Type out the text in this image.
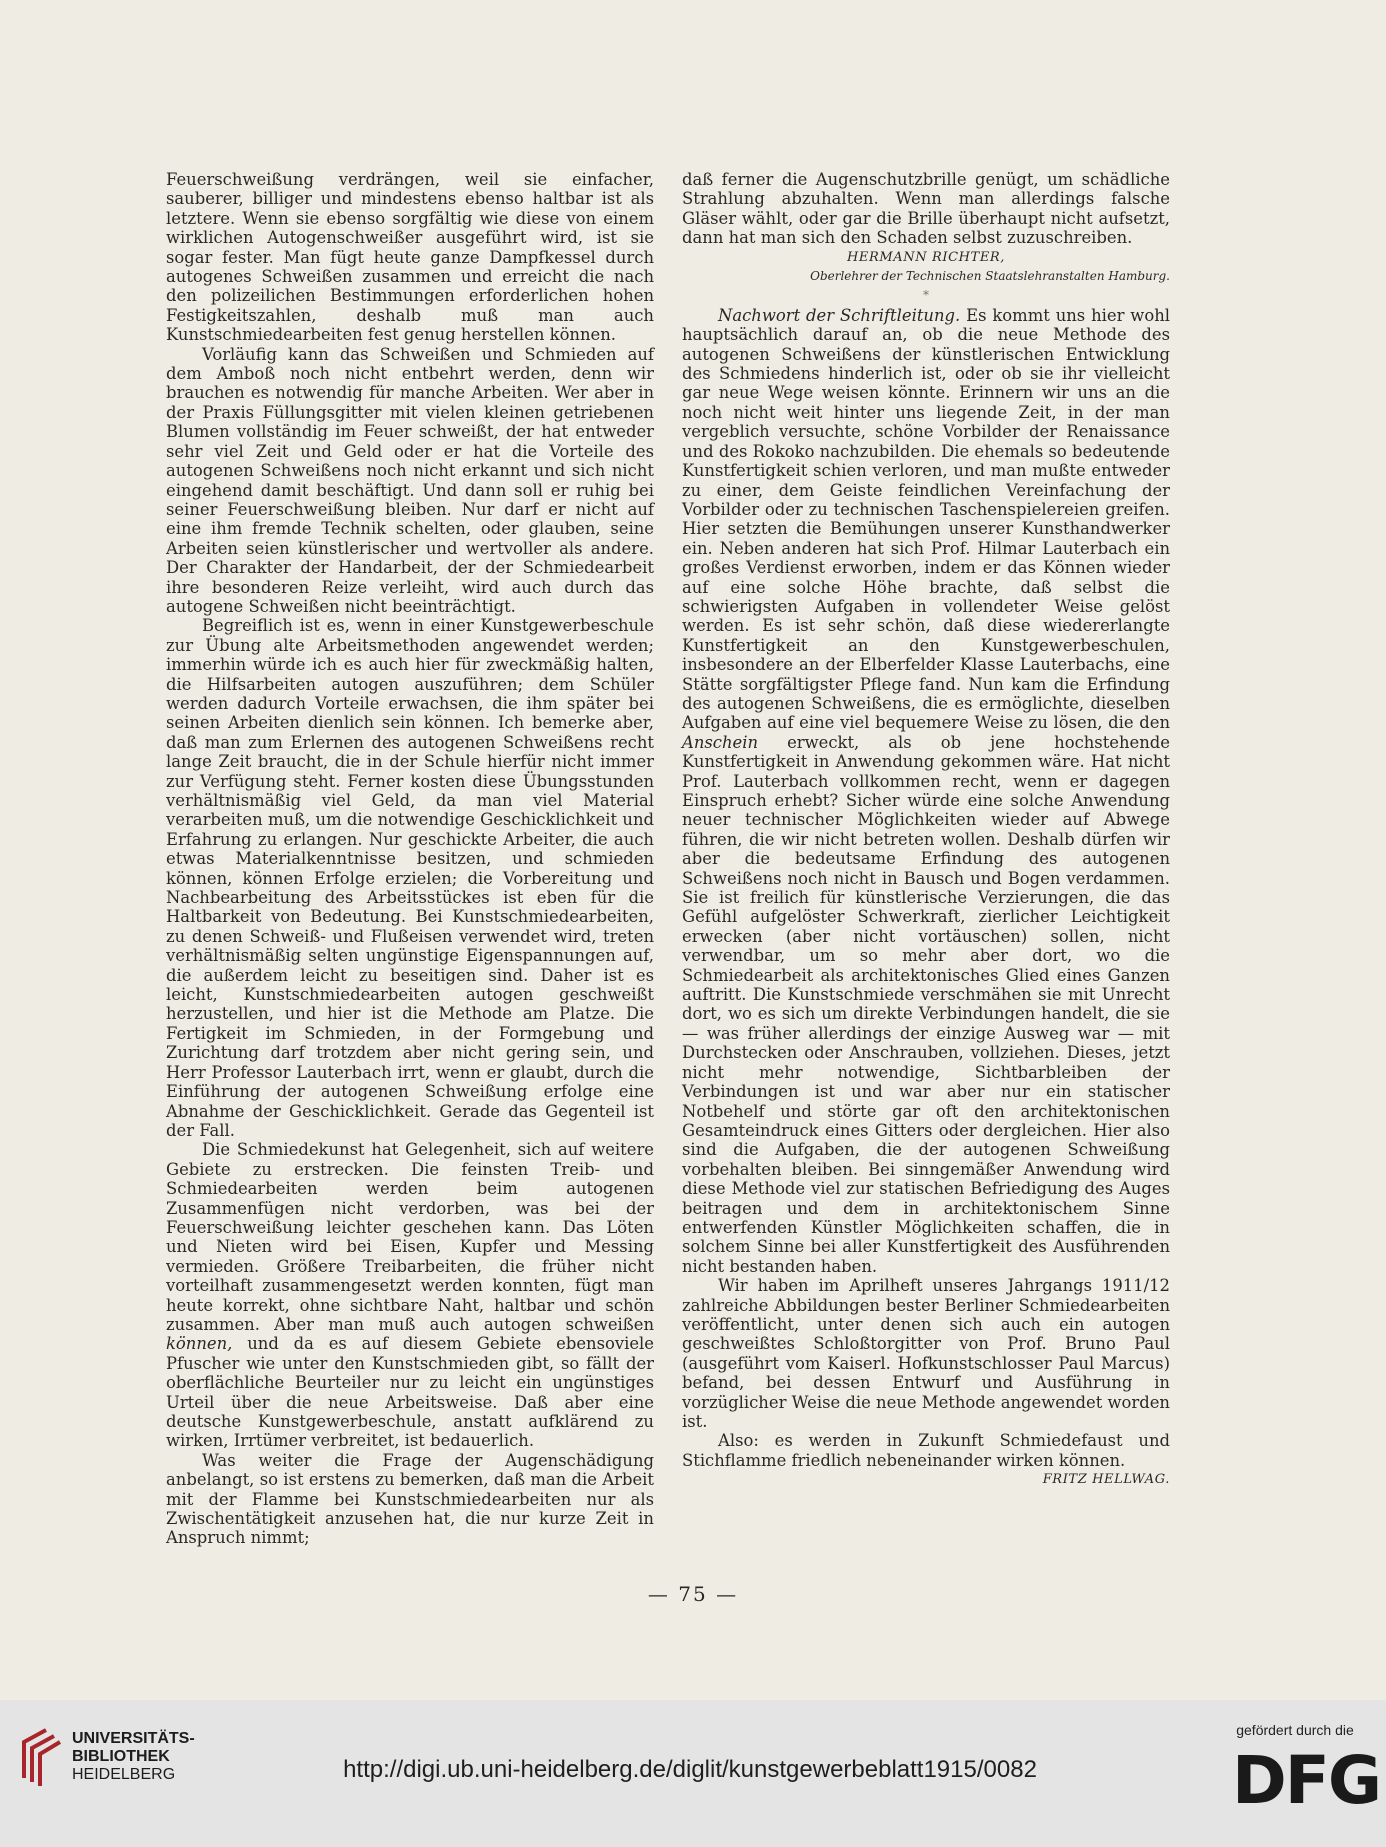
Feuerschweißung verdrängen, weil sie einfacher, sauberer, billiger und mindestens ebenso haltbar ist als letztere. Wenn sie ebenso sorgfältig wie diese von einem wirklichen Autogenschweißer ausgeführt wird, ist sie sogar fester. Man fügt heute ganze Dampfkessel durch autogenes Schweißen zusammen und erreicht die nach den polizeilichen Bestimmungen erforderlichen hohen Festigkeitszahlen, deshalb muß man auch Kunstschmiedearbeiten fest genug herstellen können.

Vorläufig kann das Schweißen und Schmieden auf dem Amboß noch nicht entbehrt werden, denn wir brauchen es notwendig für manche Arbeiten. Wer aber in der Praxis Füllungsgitter mit vielen kleinen getriebenen Blumen vollständig im Feuer schweißt, der hat entweder sehr viel Zeit und Geld oder er hat die Vorteile des autogenen Schweißens noch nicht erkannt und sich nicht eingehend damit beschäftigt. Und dann soll er ruhig bei seiner Feuerschweißung bleiben. Nur darf er nicht auf eine ihm fremde Technik schelten, oder glauben, seine Arbeiten seien künstlerischer und wertvoller als andere. Der Charakter der Handarbeit, der der Schmiedearbeit ihre besonderen Reize verleiht, wird auch durch das autogene Schweißen nicht beeinträchtigt.

Begreiflich ist es, wenn in einer Kunstgewerbeschule zur Übung alte Arbeitsmethoden angewendet werden; immerhin würde ich es auch hier für zweckmäßig halten, die Hilfsarbeiten autogen auszuführen; dem Schüler werden dadurch Vorteile erwachsen, die ihm später bei seinen Arbeiten dienlich sein können. Ich bemerke aber, daß man zum Erlernen des autogenen Schweißens recht lange Zeit braucht, die in der Schule hierfür nicht immer zur Verfügung steht. Ferner kosten diese Übungsstunden verhältnismäßig viel Geld, da man viel Material verarbeiten muß, um die notwendige Geschicklichkeit und Erfahrung zu erlangen. Nur geschickte Arbeiter, die auch etwas Materialkenntnisse besitzen, und schmieden können, können Erfolge erzielen; die Vorbereitung und Nachbearbeitung des Arbeitsstückes ist eben für die Haltbarkeit von Bedeutung. Bei Kunstschmiedearbeiten, zu denen Schweiß- und Flußeisen verwendet wird, treten verhältnismäßig selten ungünstige Eigenspannungen auf, die außerdem leicht zu beseitigen sind. Daher ist es leicht, Kunstschmiedearbeiten autogen geschweißt herzustellen, und hier ist die Methode am Platze. Die Fertigkeit im Schmieden, in der Formgebung und Zurichtung darf trotzdem aber nicht gering sein, und Herr Professor Lauterbach irrt, wenn er glaubt, durch die Einführung der autogenen Schweißung erfolge eine Abnahme der Geschicklichkeit. Gerade das Gegenteil ist der Fall.

Die Schmiedekunst hat Gelegenheit, sich auf weitere Gebiete zu erstrecken. Die feinsten Treib- und Schmiedearbeiten werden beim autogenen Zusammenfügen nicht verdorben, was bei der Feuerschweißung leichter geschehen kann. Das Löten und Nieten wird bei Eisen, Kupfer und Messing vermieden. Größere Treibarbeiten, die früher nicht vorteilhaft zusammengesetzt werden konnten, fügt man heute korrekt, ohne sichtbare Naht, haltbar und schön zusammen. Aber man muß auch autogen schweißen können, und da es auf diesem Gebiete ebensoviele Pfuscher wie unter den Kunstschmieden gibt, so fällt der oberflächliche Beurteiler nur zu leicht ein ungünstiges Urteil über die neue Arbeitsweise. Daß aber eine deutsche Kunstgewerbeschule, anstatt aufklärend zu wirken, Irrtümer verbreitet, ist bedauerlich.

Was weiter die Frage der Augenschädigung anbelangt, so ist erstens zu bemerken, daß man die Arbeit mit der Flamme bei Kunstschmiedearbeiten nur als Zwischentätigkeit anzusehen hat, die nur kurze Zeit in Anspruch nimmt;

daß ferner die Augenschutzbrille genügt, um schädliche Strahlung abzuhalten. Wenn man allerdings falsche Gläser wählt, oder gar die Brille überhaupt nicht aufsetzt, dann hat man sich den Schaden selbst zuzuschreiben.

HERMANN RICHTER,

Oberlehrer der Technischen Staatslehranstalten Hamburg.

*

Nachwort der Schriftleitung. Es kommt uns hier wohl hauptsächlich darauf an, ob die neue Methode des autogenen Schweißens der künstlerischen Entwicklung des Schmiedens hinderlich ist, oder ob sie ihr vielleicht gar neue Wege weisen könnte. Erinnern wir uns an die noch nicht weit hinter uns liegende Zeit, in der man vergeblich versuchte, schöne Vorbilder der Renaissance und des Rokoko nachzubilden. Die ehemals so bedeutende Kunstfertigkeit schien verloren, und man mußte entweder zu einer, dem Geiste feindlichen Vereinfachung der Vorbilder oder zu technischen Taschenspielereien greifen. Hier setzten die Bemühungen unserer Kunsthandwerker ein. Neben anderen hat sich Prof. Hilmar Lauterbach ein großes Verdienst erworben, indem er das Können wieder auf eine solche Höhe brachte, daß selbst die schwierigsten Aufgaben in vollendeter Weise gelöst werden. Es ist sehr schön, daß diese wiedererlangte Kunstfertigkeit an den Kunstgewerbeschulen, insbesondere an der Elberfelder Klasse Lauterbachs, eine Stätte sorgfältigster Pflege fand. Nun kam die Erfindung des autogenen Schweißens, die es ermöglichte, dieselben Aufgaben auf eine viel bequemere Weise zu lösen, die den Anschein erweckt, als ob jene hochstehende Kunstfertigkeit in Anwendung gekommen wäre. Hat nicht Prof. Lauterbach vollkommen recht, wenn er dagegen Einspruch erhebt? Sicher würde eine solche Anwendung neuer technischer Möglichkeiten wieder auf Abwege führen, die wir nicht betreten wollen. Deshalb dürfen wir aber die bedeutsame Erfindung des autogenen Schweißens noch nicht in Bausch und Bogen verdammen. Sie ist freilich für künstlerische Verzierungen, die das Gefühl aufgelöster Schwerkraft, zierlicher Leichtigkeit erwecken (aber nicht vortäuschen) sollen, nicht verwendbar, um so mehr aber dort, wo die Schmiedearbeit als architektonisches Glied eines Ganzen auftritt. Die Kunstschmiede verschmähen sie mit Unrecht dort, wo es sich um direkte Verbindungen handelt, die sie — was früher allerdings der einzige Ausweg war — mit Durchstecken oder Anschrauben, vollziehen. Dieses, jetzt nicht mehr notwendige, Sichtbarbleiben der Verbindungen ist und war aber nur ein statischer Notbehelf und störte gar oft den architektonischen Gesamteindruck eines Gitters oder dergleichen. Hier also sind die Aufgaben, die der autogenen Schweißung vorbehalten bleiben. Bei sinngemäßer Anwendung wird diese Methode viel zur statischen Befriedigung des Auges beitragen und dem in architektonischem Sinne entwerfenden Künstler Möglichkeiten schaffen, die in solchem Sinne bei aller Kunstfertigkeit des Ausführenden nicht bestanden haben.

Wir haben im Aprilheft unseres Jahrgangs 1911/12 zahlreiche Abbildungen bester Berliner Schmiedearbeiten veröffentlicht, unter denen sich auch ein autogen geschweißtes Schloßtorgitter von Prof. Bruno Paul (ausgeführt vom Kaiserl. Hofkunstschlosser Paul Marcus) befand, bei dessen Entwurf und Ausführung in vorzüglicher Weise die neue Methode angewendet worden ist.

Also: es werden in Zukunft Schmiedefaust und Stichflamme friedlich nebeneinander wirken können.

FRITZ HELLWAG.

— 75 —
UNIVERSITÄTS-
BIBLIOTHEK
HEIDELBERG	http://digi.ub.uni-heidelberg.de/diglit/kunstgewerbeblatt1915/0082
gefördert durch die
DFG
